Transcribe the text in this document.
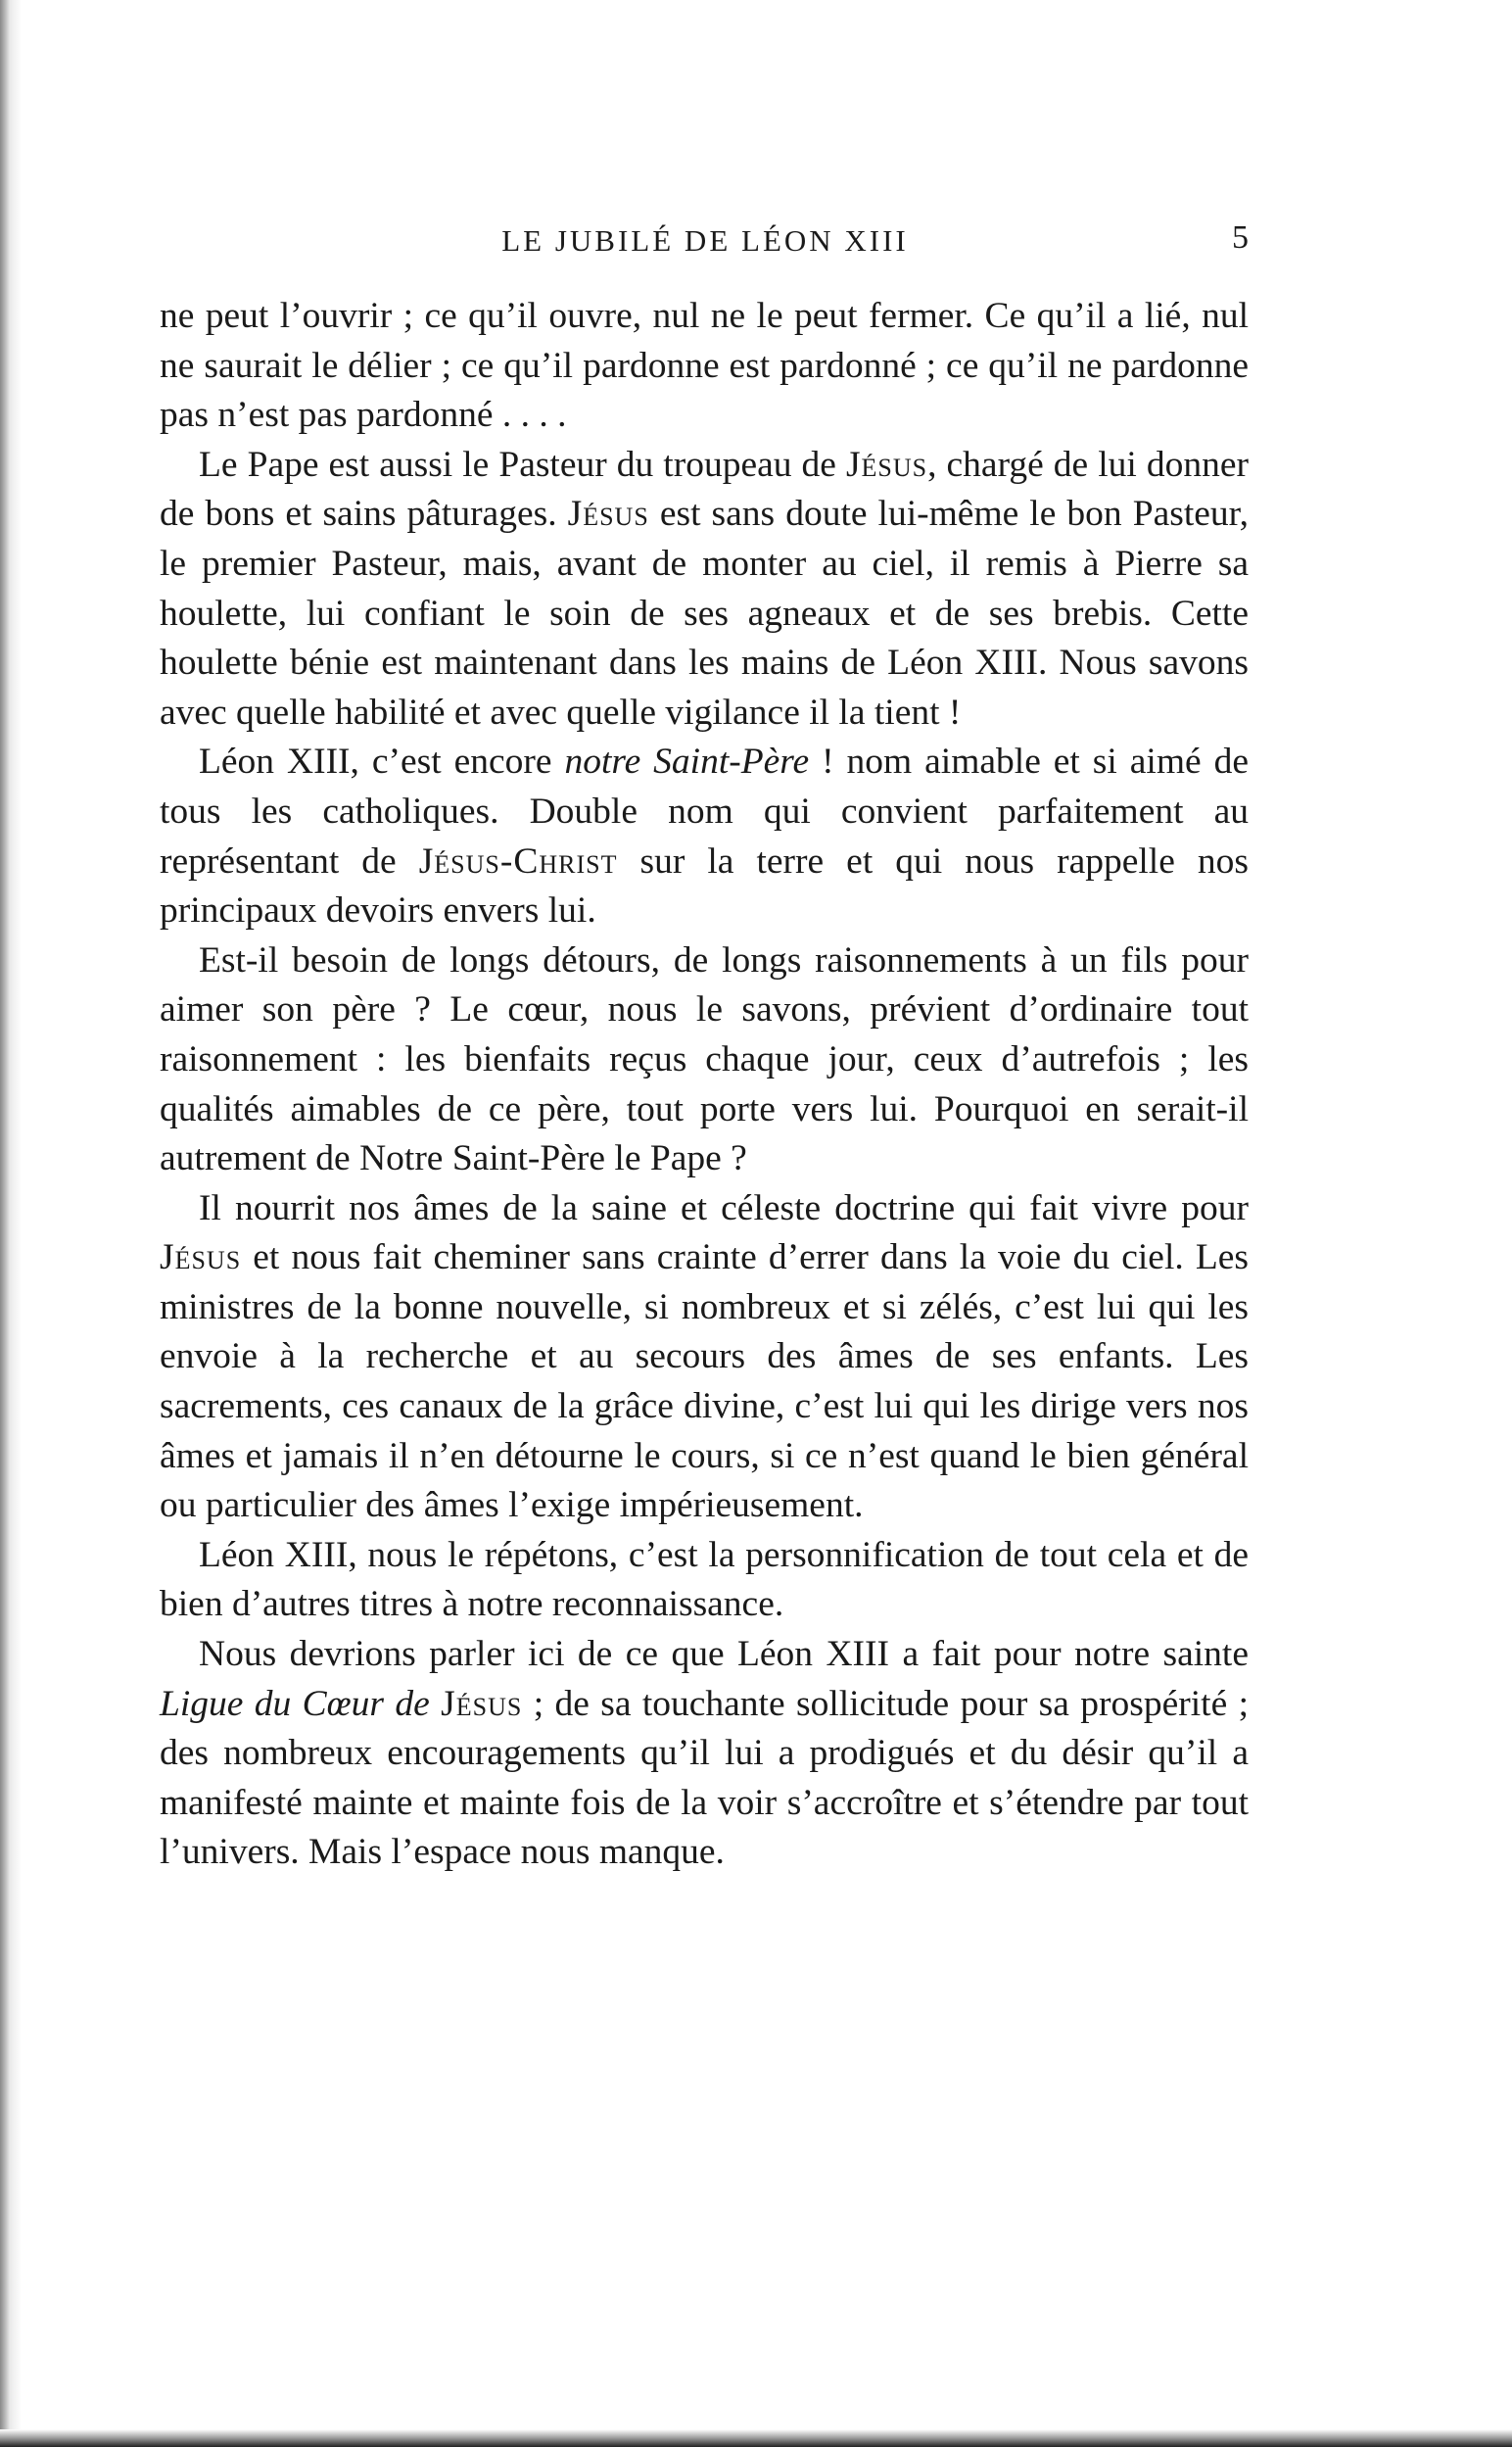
LE JUBILÉ DE LÉON XIII	5

ne peut l’ouvrir ; ce qu’il ouvre, nul ne le peut fermer. Ce qu’il a lié, nul ne saurait le délier ; ce qu’il pardonne est pardonné ; ce qu’il ne pardonne pas n’est pas pardonné . . . .

Le Pape est aussi le Pasteur du troupeau de Jésus, chargé de lui donner de bons et sains pâturages. Jésus est sans doute lui-même le bon Pasteur, le premier Pasteur, mais, avant de monter au ciel, il remis à Pierre sa houlette, lui confiant le soin de ses agneaux et de ses brebis. Cette houlette bénie est maintenant dans les mains de Léon XIII. Nous savons avec quelle habilité et avec quelle vigilance il la tient !

Léon XIII, c’est encore notre Saint-Père ! nom aimable et si aimé de tous les catholiques. Double nom qui convient parfaitement au représentant de Jésus-Christ sur la terre et qui nous rappelle nos principaux devoirs envers lui.

Est-il besoin de longs détours, de longs raisonnements à un fils pour aimer son père ? Le cœur, nous le savons, prévient d’ordinaire tout raisonnement : les bienfaits reçus chaque jour, ceux d’autrefois ; les qualités aimables de ce père, tout porte vers lui. Pourquoi en serait-il autrement de Notre Saint-Père le Pape ?

Il nourrit nos âmes de la saine et céleste doctrine qui fait vivre pour Jésus et nous fait cheminer sans crainte d’errer dans la voie du ciel. Les ministres de la bonne nouvelle, si nombreux et si zélés, c’est lui qui les envoie à la recherche et au secours des âmes de ses enfants. Les sacrements, ces canaux de la grâce divine, c’est lui qui les dirige vers nos âmes et jamais il n’en détourne le cours, si ce n’est quand le bien général ou particulier des âmes l’exige impérieusement.

Léon XIII, nous le répétons, c’est la personnification de tout cela et de bien d’autres titres à notre reconnaissance.

Nous devrions parler ici de ce que Léon XIII a fait pour notre sainte Ligue du Cœur de Jésus ; de sa touchante sollicitude pour sa prospérité ; des nombreux encouragements qu’il lui a prodigués et du désir qu’il a manifesté mainte et mainte fois de la voir s’accroître et s’étendre par tout l’univers. Mais l’espace nous manque.
